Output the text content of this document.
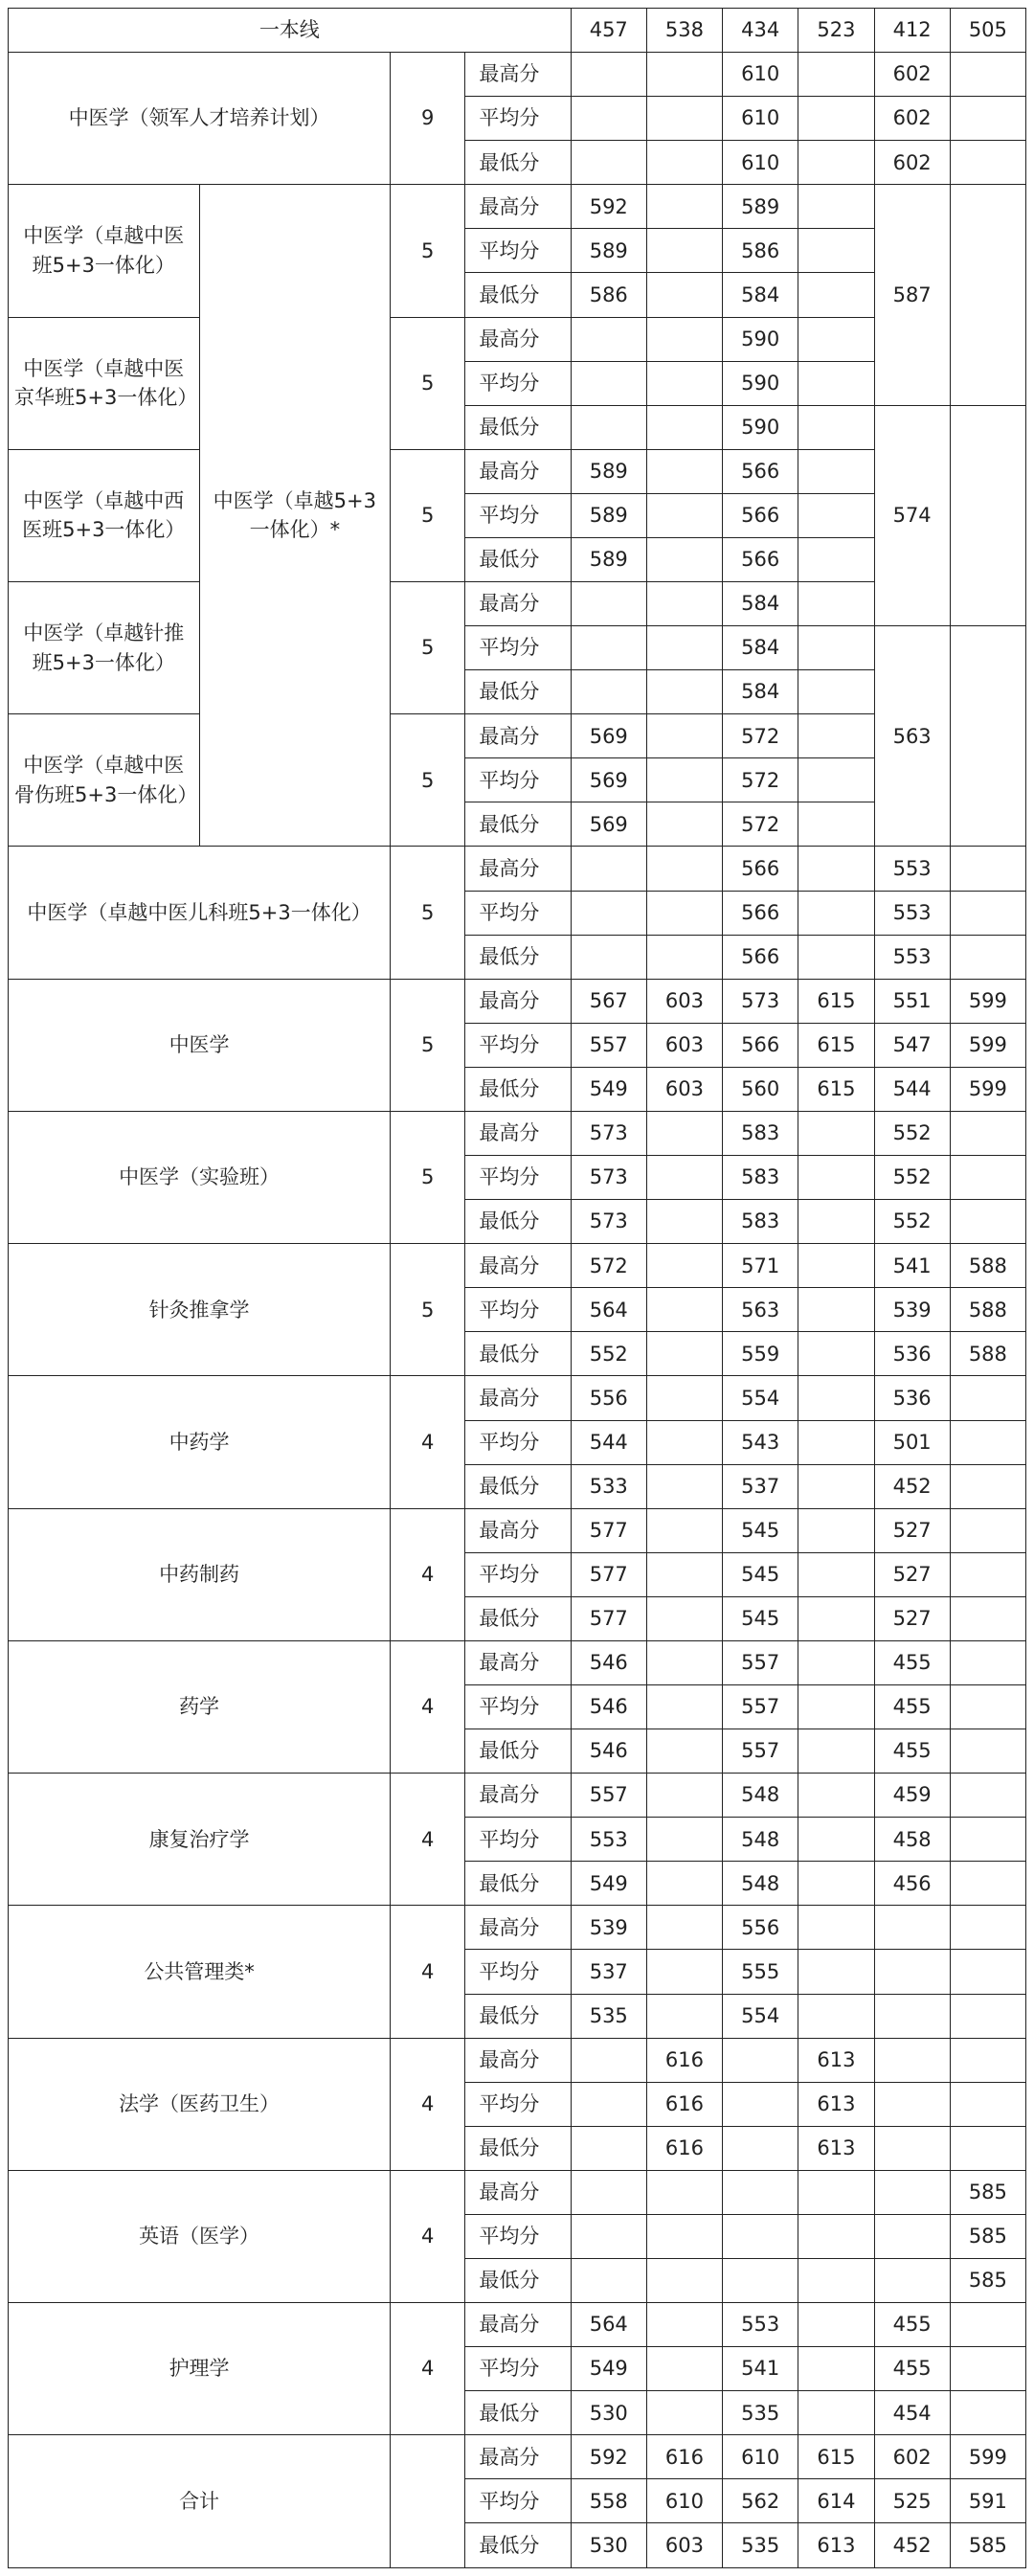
一本线				457	538	434	523	412	505
中医学（领军人才培养计划）		9	最高分			610		602	
			平均分			610		602	
			最低分			610		602	
中医学（卓越中医班5+3一体化）	中医学（卓越5+3一体化）*	5	最高分	592		589		587	
			平均分	589		586			
			最低分	586		584			
中医学（卓越中医京华班5+3一体化）		5	最高分			590			
			平均分			590			
			最低分			590		574	
中医学（卓越中西医班5+3一体化）		5	最高分	589		566			
			平均分	589		566			
			最低分	589		566			
中医学（卓越针推班5+3一体化）		5	最高分			584			
			平均分			584		563	
			最低分			584			
中医学（卓越中医骨伤班5+3一体化）		5	最高分	569		572			
			平均分	569		572			
			最低分	569		572			
中医学（卓越中医儿科班5+3一体化）		5	最高分			566		553	
			平均分			566		553	
			最低分			566		553	
中医学		5	最高分	567	603	573	615	551	599
			平均分	557	603	566	615	547	599
			最低分	549	603	560	615	544	599
中医学（实验班）		5	最高分	573		583		552	
			平均分	573		583		552	
			最低分	573		583		552	
针灸推拿学		5	最高分	572		571		541	588
			平均分	564		563		539	588
			最低分	552		559		536	588
中药学		4	最高分	556		554		536	
			平均分	544		543		501	
			最低分	533		537		452	
中药制药		4	最高分	577		545		527	
			平均分	577		545		527	
			最低分	577		545		527	
药学		4	最高分	546		557		455	
			平均分	546		557		455	
			最低分	546		557		455	
康复治疗学		4	最高分	557		548		459	
			平均分	553		548		458	
			最低分	549		548		456	
公共管理类*		4	最高分	539		556			
			平均分	537		555			
			最低分	535		554			
法学（医药卫生）		4	最高分		616		613		
			平均分		616		613		
			最低分		616		613		
英语（医学）		4	最高分						585
			平均分						585
			最低分						585
护理学		4	最高分	564		553		455	
			平均分	549		541		455	
			最低分	530		535		454	
合计			最高分	592	616	610	615	602	599
			平均分	558	610	562	614	525	591
			最低分	530	603	535	613	452	585
